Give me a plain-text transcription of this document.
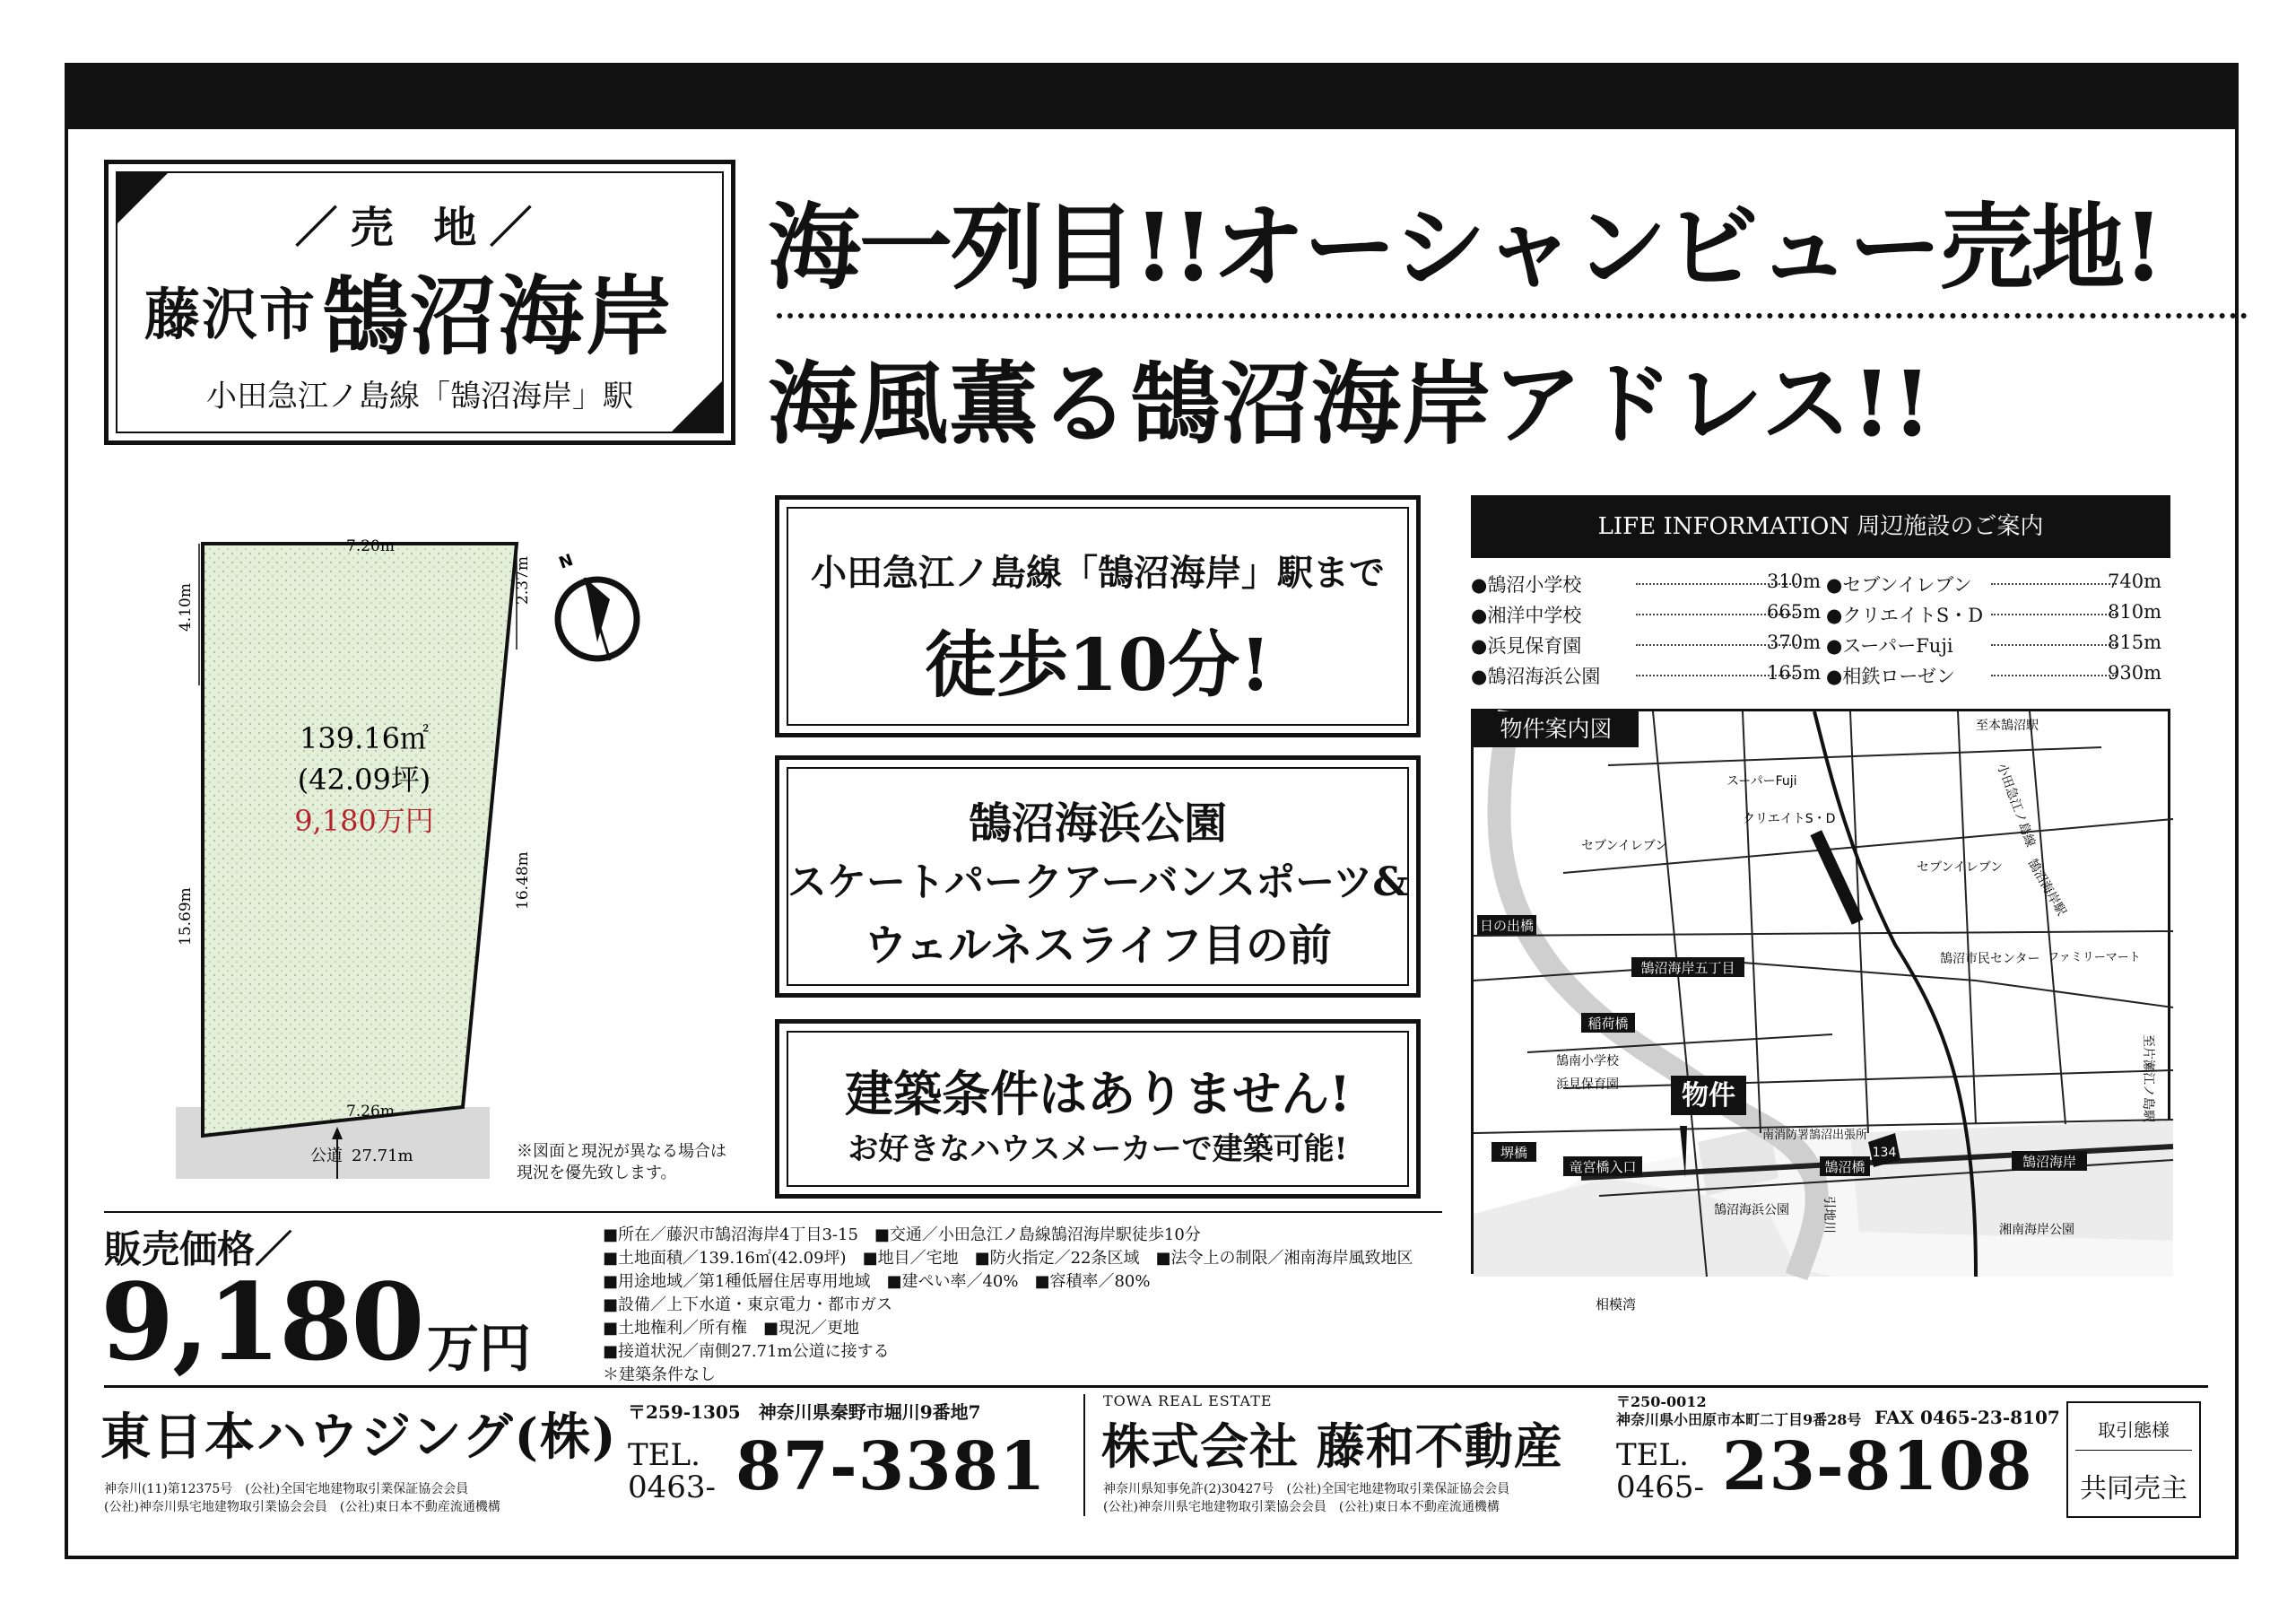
／売 地／
藤沢市 鵠沼海岸
小田急江ノ島線「鵠沼海岸」駅
海一列目!!オーシャンビュー売地!
海風薫る鵠沼海岸アドレス!!
7.20m
4.10m
2.37m
16.48m
15.69m
7.26m
139.16㎡
(42.09坪)
9,180万円
公道 27.71m
N
※図面と現況が異なる場合は
現況を優先致します。
小田急江ノ島線「鵠沼海岸」駅まで
徒歩10分!
鵠沼海浜公園
スケートパークアーバンスポーツ&
ウェルネスライフ目の前
建築条件はありません!
お好きなハウスメーカーで建築可能!
LIFE INFORMATION 周辺施設のご案内
●鵠沼小学校	310m
●湘洋中学校	665m
●浜見保育園	370m
●鵠沼海浜公園	165m
●セブンイレブン	740m
●クリエイトS・D	810m
●スーパーFuji	815m
●相鉄ローゼン	930m
物件
134
日の出橋
鵠沼海岸五丁目
稲荷橋
堺橋
竜宮橋入口	鵠沼橋	鵠沼海岸
至本鵠沼駅
スーパーFuji
クリエイトS・D
セブンイレブン
セブンイレブン
小田急江ノ島線
鵠沼海岸駅
鵠沼市民センター ファミリーマート
鵠南小学校
浜見保育園
南消防署鵠沼出張所
至片瀬江ノ島駅
鵠沼海浜公園	引地川	湘南海岸公園
相模湾
物件案内図
販売価格／
9,180 万円
■所在／藤沢市鵠沼海岸4丁目3-15　■交通／小田急江ノ島線鵠沼海岸駅徒歩10分
■土地面積／139.16㎡(42.09坪)　■地目／宅地　■防火指定／22条区域　■法令上の制限／湘南海岸風致地区
■用途地域／第1種低層住居専用地域　■建ぺい率／40%　■容積率／80%
■設備／上下水道・東京電力・都市ガス
■土地権利／所有権　■現況／更地
■接道状況／南側27.71m公道に接する
＊建築条件なし
東日本ハウジング(株)
神奈川(11)第12375号　(公社)全国宅地建物取引業保証協会会員
(公社)神奈川県宅地建物取引業協会会員　(公社)東日本不動産流通機構
〒259-1305　神奈川県秦野市堀川9番地7
TEL.
0463- 87-3381
TOWA REAL ESTATE
株式会社 藤和不動産
神奈川県知事免許(2)30427号　(公社)全国宅地建物取引業保証協会会員
(公社)神奈川県宅地建物取引業協会会員　(公社)東日本不動産流通機構
〒250-0012
神奈川県小田原市本町二丁目9番28号 FAX 0465-23-8107
TEL.
0465- 23-8108	取引態様
共同売主
